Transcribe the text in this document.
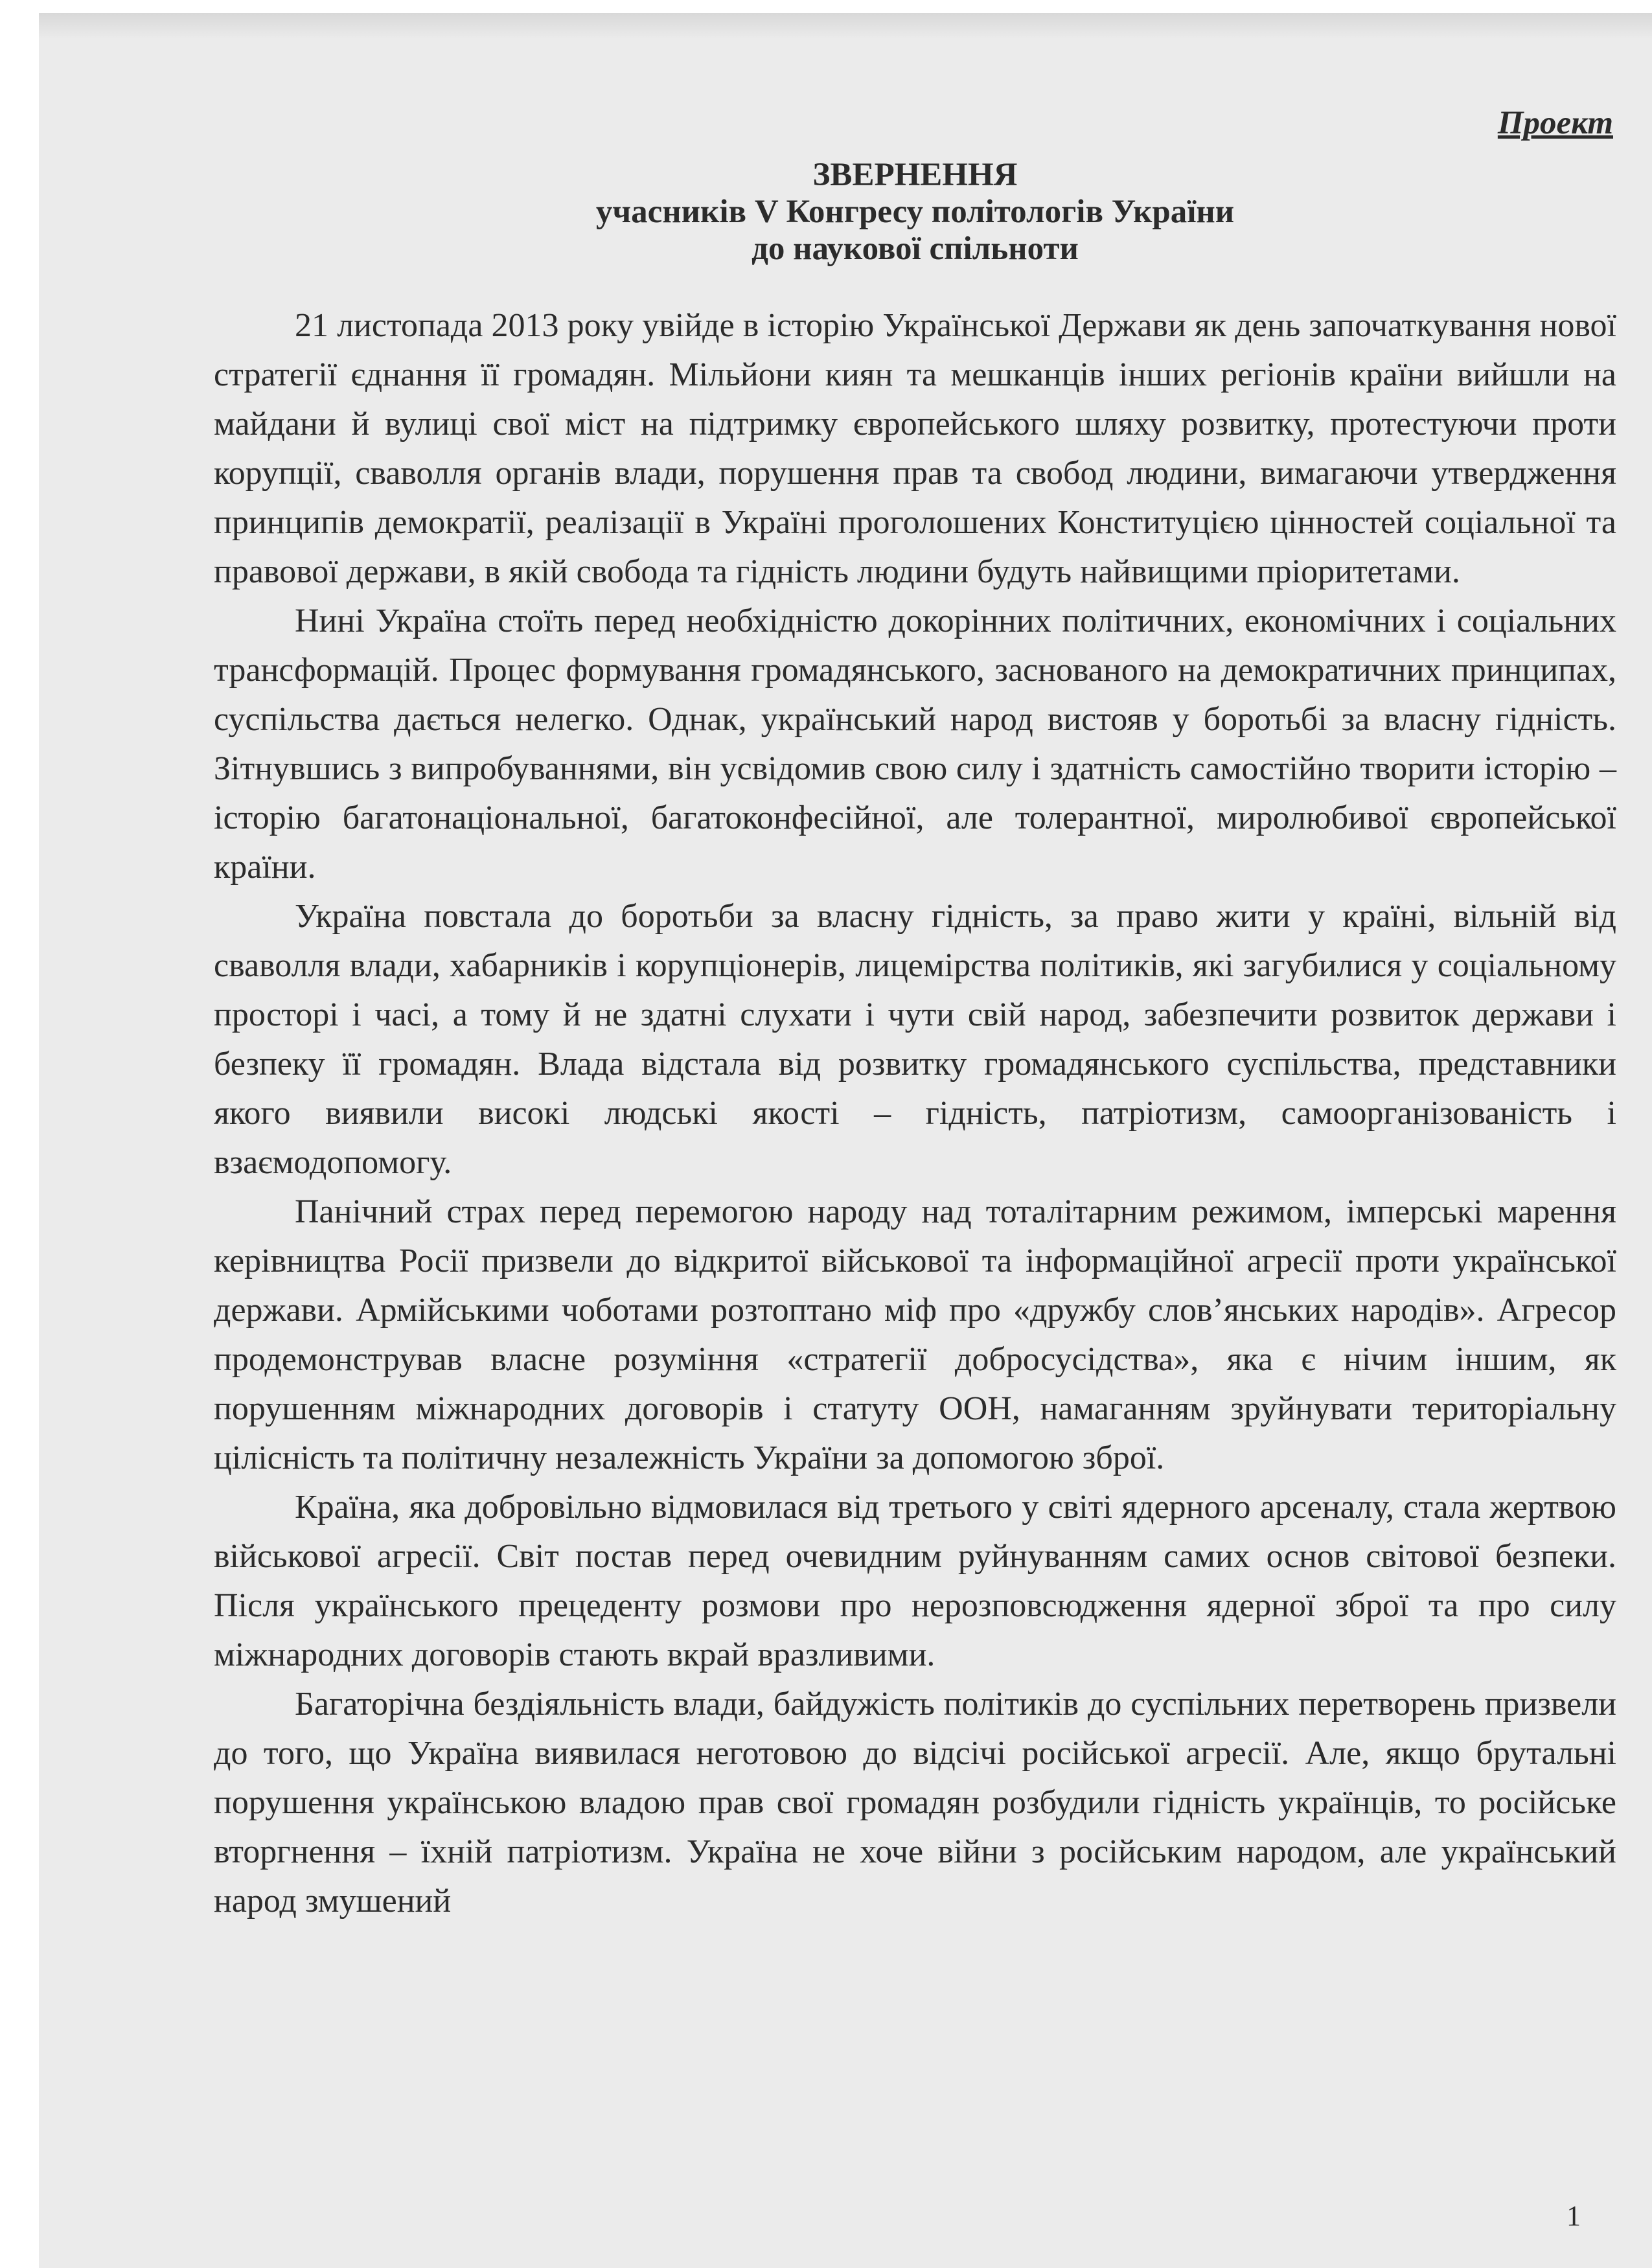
Проект
ЗВЕРНЕННЯ
учасників V Конгресу політологів України
до наукової спільноти

21 листопада 2013 року увійде в історію Української Держави як день започаткування нової стратегії єднання її громадян. Мільйони киян та мешканців інших регіонів країни вийшли на майдани й вулиці свої міст на підтримку європейського шляху розвитку, протестуючи проти корупції, сваволля органів влади, порушення прав та свобод людини, вимагаючи утвердження принципів демократії, реалізації в Україні проголошених Конституцією цінностей соціальної та правової держави, в якій свобода та гідність людини будуть найвищими пріоритетами.

Нині Україна стоїть перед необхідністю докорінних політичних, економічних і соціальних трансформацій. Процес формування громадянського, заснованого на демократичних принципах, суспільства дається нелегко. Однак, український народ вистояв у боротьбі за власну гідність. Зітнувшись з випробуваннями, він усвідомив свою силу і здатність самостійно творити історію – історію багатонаціональної, багатоконфесійної, але толерантної, миролюбивої європейської країни.

Україна повстала до боротьби за власну гідність, за право жити у країні, вільній від сваволля влади, хабарників і корупціонерів, лицемірства політиків, які загубилися у соціальному просторі і часі, а тому й не здатні слухати і чути свій народ, забезпечити розвиток держави і безпеку її громадян. Влада відстала від розвитку громадянського суспільства, представники якого виявили високі людські якості – гідність, патріотизм, самоорганізованість і взаємодопомогу.

Панічний страх перед перемогою народу над тоталітарним режимом, імперські марення керівництва Росії призвели до відкритої військової та інформаційної агресії проти української держави. Армійськими чоботами розтоптано міф про «дружбу слов’янських народів». Агресор продемонстрував власне розуміння «стратегії добросусідства», яка є нічим іншим, як порушенням міжнародних договорів і статуту ООН, намаганням зруйнувати територіальну цілісність та політичну незалежність України за допомогою зброї.

Країна, яка добровільно відмовилася від третього у світі ядерного арсеналу, стала жертвою військової агресії. Світ постав перед очевидним руйнуванням самих основ світової безпеки. Після українського прецеденту розмови про нерозповсюдження ядерної зброї та про силу міжнародних договорів стають вкрай вразливими.

Багаторічна бездіяльність влади, байдужість політиків до суспільних перетворень призвели до того, що Україна виявилася неготовою до відсічі російської агресії. Але, якщо брутальні порушення українською владою прав свої громадян розбудили гідність українців, то російське вторгнення – їхній патріотизм. Україна не хоче війни з російським народом, але український народ змушений

1
